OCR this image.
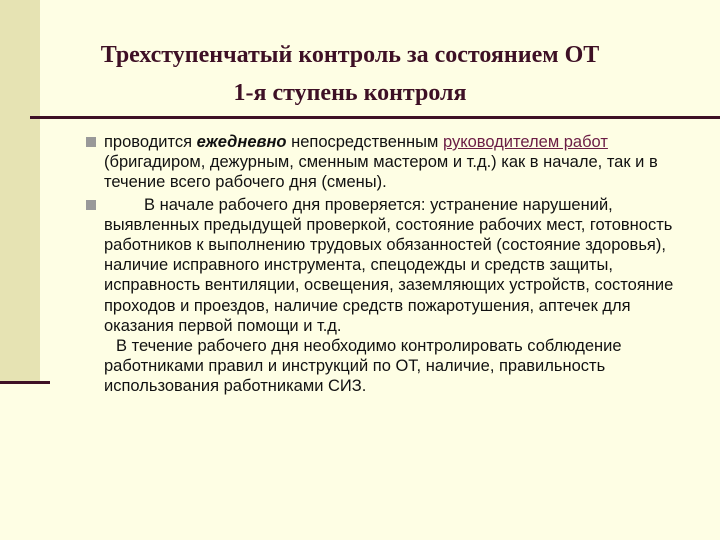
Трехступенчатый контроль за состоянием ОТ
1-я ступень контроля
проводится ежедневно непосредственным руководителем работ (бригадиром, дежурным, сменным мастером и т.д.) как в начале, так и в течение всего рабочего дня (смены).

В начале рабочего дня проверяется: устранение нарушений, выявленных предыдущей проверкой, состояние рабочих мест, готовность работников к выполнению трудовых обязанностей (состояние здоровья), наличие исправного инструмента, спецодежды и средств защиты, исправность вентиляции, освещения, заземляющих устройств, состояние проходов и проездов, наличие средств пожаротушения, аптечек для оказания первой помощи и т.д.

В течение рабочего дня необходимо контролировать соблюдение работниками правил и инструкций по ОТ, наличие, правильность использования работниками СИЗ.
